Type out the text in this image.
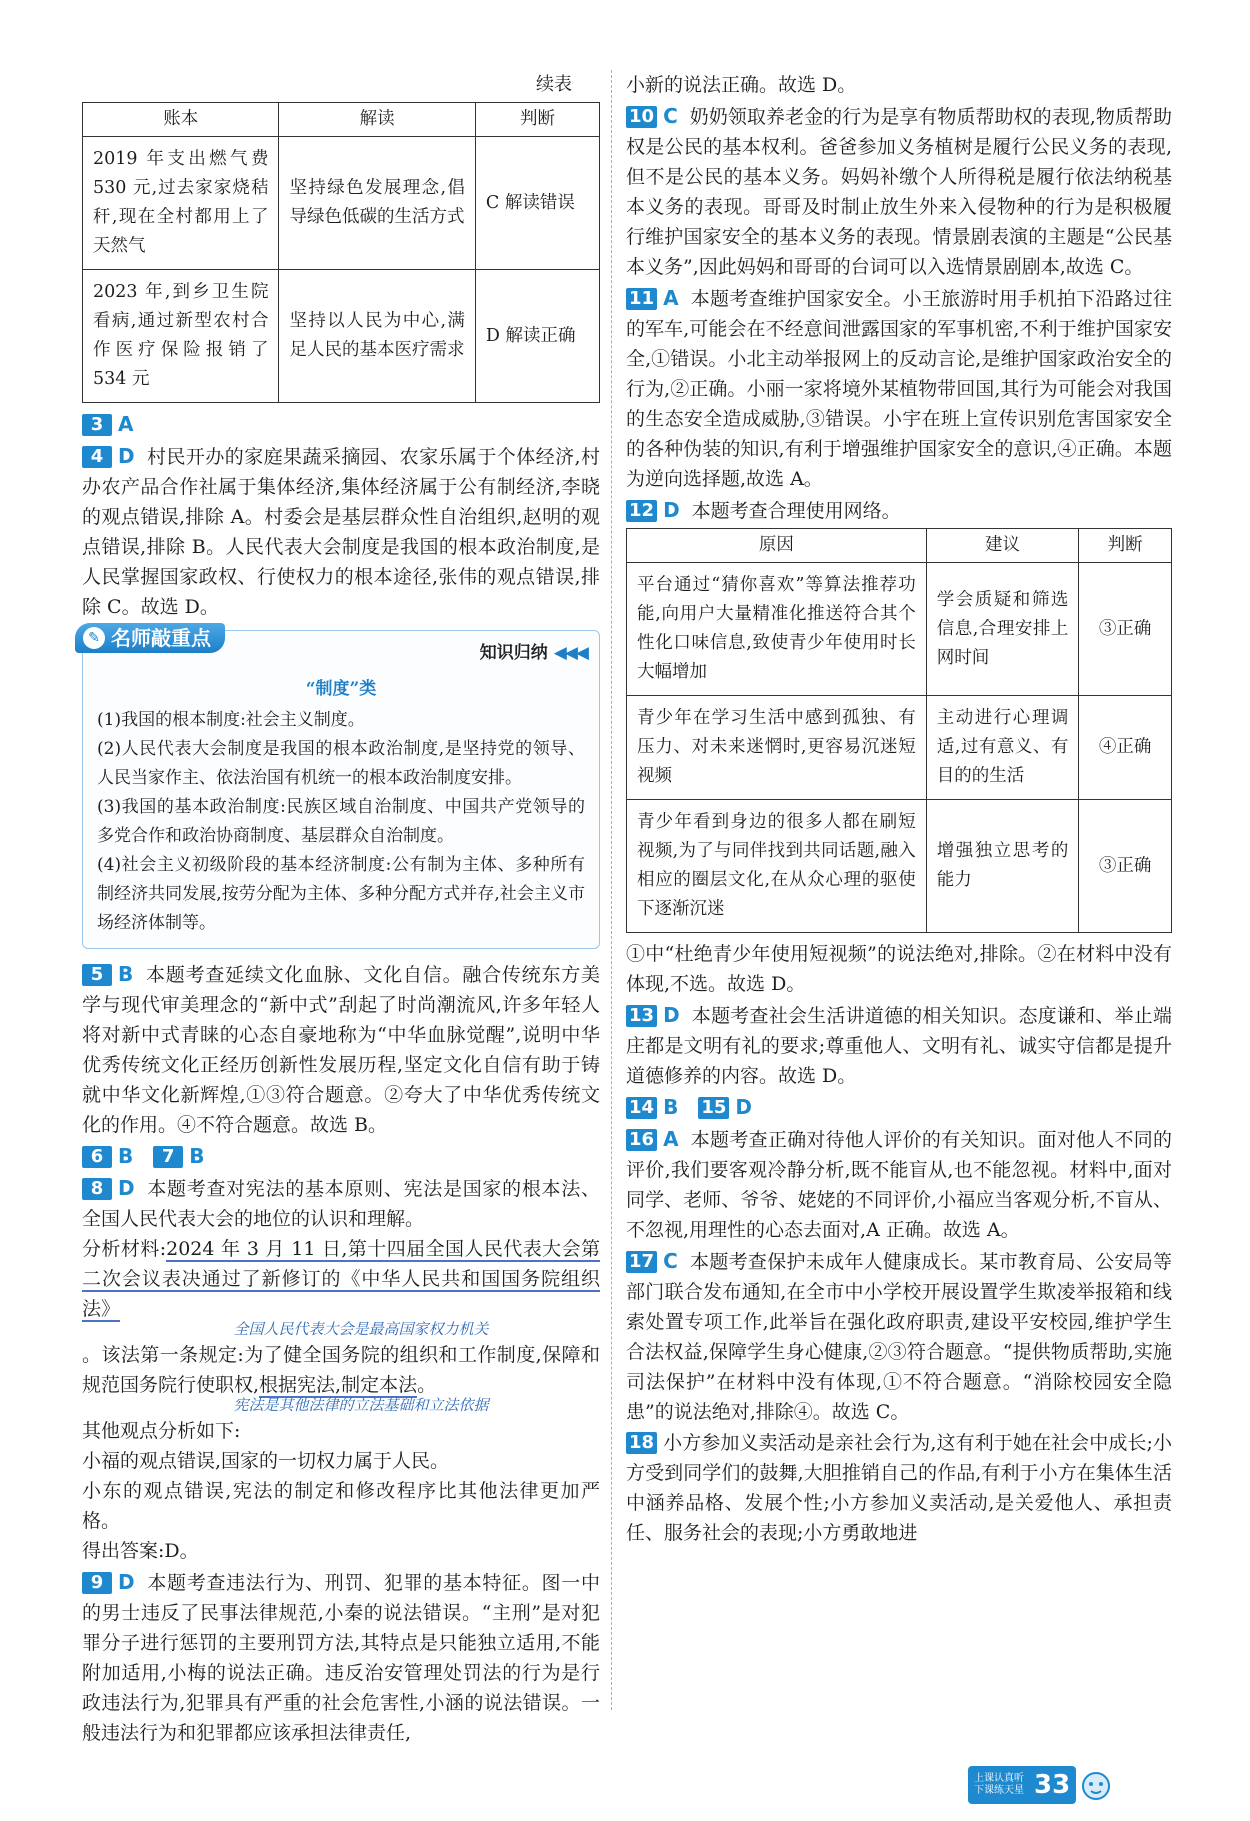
续表
账本	解读	判断
2019 年支出燃气费 530 元,过去家家烧秸秆,现在全村都用上了天然气	坚持绿色发展理念,倡导绿色低碳的生活方式	C 解读错误
2023 年,到乡卫生院看病,通过新型农村合作医疗保险报销了 534 元	坚持以人民为中心,满足人民的基本医疗需求	D 解读正确
3 A
4 D 村民开办的家庭果蔬采摘园、农家乐属于个体经济,村办农产品合作社属于集体经济,集体经济属于公有制经济,李晓的观点错误,排除 A。村委会是基层群众性自治组织,赵明的观点错误,排除 B。人民代表大会制度是我国的根本政治制度,是人民掌握国家政权、行使权力的根本途径,张伟的观点错误,排除 C。故选 D。
✎ 名师敲重点
知识归纳 ◀◀◀
“制度”类
(1)我国的根本制度:社会主义制度。
(2)人民代表大会制度是我国的根本政治制度,是坚持党的领导、人民当家作主、依法治国有机统一的根本政治制度安排。
(3)我国的基本政治制度:民族区域自治制度、中国共产党领导的多党合作和政治协商制度、基层群众自治制度。
(4)社会主义初级阶段的基本经济制度:公有制为主体、多种所有制经济共同发展,按劳分配为主体、多种分配方式并存,社会主义市场经济体制等。
5 B 本题考查延续文化血脉、文化自信。融合传统东方美学与现代审美理念的“新中式”刮起了时尚潮流风,许多年轻人将对新中式青睐的心态自豪地称为“中华血脉觉醒”,说明中华优秀传统文化正经历创新性发展历程,坚定文化自信有助于铸就中华文化新辉煌,①③符合题意。②夸大了中华优秀传统文化的作用。④不符合题意。故选 B。
6 B 7 B
8 D 本题考查对宪法的基本原则、宪法是国家的根本法、全国人民代表大会的地位的认识和理解。
分析材料:2024 年 3 月 11 日,第十四届全国人民代表大会第二次会议表决通过了新修订的《中华人民共和国国务院组织法》
全国人民代表大会是最高国家权力机关
。该法第一条规定:为了健全国务院的组织和工作制度,保障和规范国务院行使职权,根据宪法,制定本法。
宪法是其他法律的立法基础和立法依据
其他观点分析如下:
小福的观点错误,国家的一切权力属于人民。
小东的观点错误,宪法的制定和修改程序比其他法律更加严格。
得出答案:D。
9 D 本题考查违法行为、刑罚、犯罪的基本特征。图一中的男士违反了民事法律规范,小秦的说法错误。“主刑”是对犯罪分子进行惩罚的主要刑罚方法,其特点是只能独立适用,不能附加适用,小梅的说法正确。违反治安管理处罚法的行为是行政违法行为,犯罪具有严重的社会危害性,小涵的说法错误。一般违法行为和犯罪都应该承担法律责任,
小新的说法正确。故选 D。
10 C 奶奶领取养老金的行为是享有物质帮助权的表现,物质帮助权是公民的基本权利。爸爸参加义务植树是履行公民义务的表现,但不是公民的基本义务。妈妈补缴个人所得税是履行依法纳税基本义务的表现。哥哥及时制止放生外来入侵物种的行为是积极履行维护国家安全的基本义务的表现。情景剧表演的主题是“公民基本义务”,因此妈妈和哥哥的台词可以入选情景剧剧本,故选 C。
11 A 本题考查维护国家安全。小王旅游时用手机拍下沿路过往的军车,可能会在不经意间泄露国家的军事机密,不利于维护国家安全,①错误。小北主动举报网上的反动言论,是维护国家政治安全的行为,②正确。小丽一家将境外某植物带回国,其行为可能会对我国的生态安全造成威胁,③错误。小宇在班上宣传识别危害国家安全的各种伪装的知识,有利于增强维护国家安全的意识,④正确。本题为逆向选择题,故选 A。
12 D 本题考查合理使用网络。
原因	建议	判断
平台通过“猜你喜欢”等算法推荐功能,向用户大量精准化推送符合其个性化口味信息,致使青少年使用时长大幅增加	学会质疑和筛选信息,合理安排上网时间	③正确
青少年在学习生活中感到孤独、有压力、对未来迷惘时,更容易沉迷短视频	主动进行心理调适,过有意义、有目的的生活	④正确
青少年看到身边的很多人都在刷短视频,为了与同伴找到共同话题,融入相应的圈层文化,在从众心理的驱使下逐渐沉迷	增强独立思考的能力	③正确
①中“杜绝青少年使用短视频”的说法绝对,排除。②在材料中没有体现,不选。故选 D。
13 D 本题考查社会生活讲道德的相关知识。态度谦和、举止端庄都是文明有礼的要求;尊重他人、文明有礼、诚实守信都是提升道德修养的内容。故选 D。
14 B 15 D
16 A 本题考查正确对待他人评价的有关知识。面对他人不同的评价,我们要客观冷静分析,既不能盲从,也不能忽视。材料中,面对同学、老师、爷爷、姥姥的不同评价,小福应当客观分析,不盲从、不忽视,用理性的心态去面对,A 正确。故选 A。
17 C 本题考查保护未成年人健康成长。某市教育局、公安局等部门联合发布通知,在全市中小学校开展设置学生欺凌举报箱和线索处置专项工作,此举旨在强化政府职责,建设平安校园,维护学生合法权益,保障学生身心健康,②③符合题意。“提供物质帮助,实施司法保护”在材料中没有体现,①不符合题意。“消除校园安全隐患”的说法绝对,排除④。故选 C。
18 小方参加义卖活动是亲社会行为,这有利于她在社会中成长;小方受到同学们的鼓舞,大胆推销自己的作品,有利于小方在集体生活中涵养品格、发展个性;小方参加义卖活动,是关爱他人、承担责任、服务社会的表现;小方勇敢地进
上课认真听 下课练天星 33
